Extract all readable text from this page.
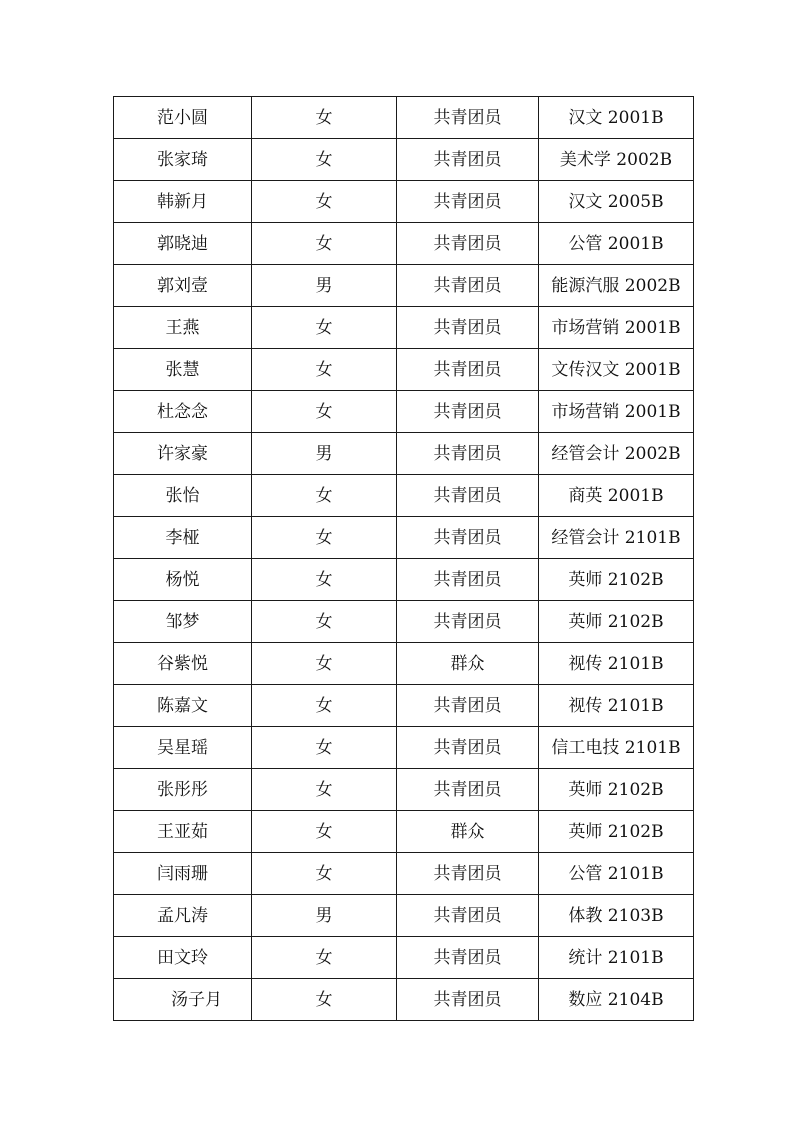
范小圆	女	共青团员	汉文 2001B
张家琦	女	共青团员	美术学 2002B
韩新月	女	共青团员	汉文 2005B
郭晓迪	女	共青团员	公管 2001B
郭刘壹	男	共青团员	能源汽服 2002B
王燕	女	共青团员	市场营销 2001B
张慧	女	共青团员	文传汉文 2001B
杜念念	女	共青团员	市场营销 2001B
许家豪	男	共青团员	经管会计 2002B
张怡	女	共青团员	商英 2001B
李桠	女	共青团员	经管会计 2101B
杨悦	女	共青团员	英师 2102B
邹梦	女	共青团员	英师 2102B
谷紫悦	女	群众	视传 2101B
陈嘉文	女	共青团员	视传 2101B
吴星瑶	女	共青团员	信工电技 2101B
张彤彤	女	共青团员	英师 2102B
王亚茹	女	群众	英师 2102B
闫雨珊	女	共青团员	公管 2101B
孟凡涛	男	共青团员	体教 2103B
田文玲	女	共青团员	统计 2101B
汤子月	女	共青团员	数应 2104B
